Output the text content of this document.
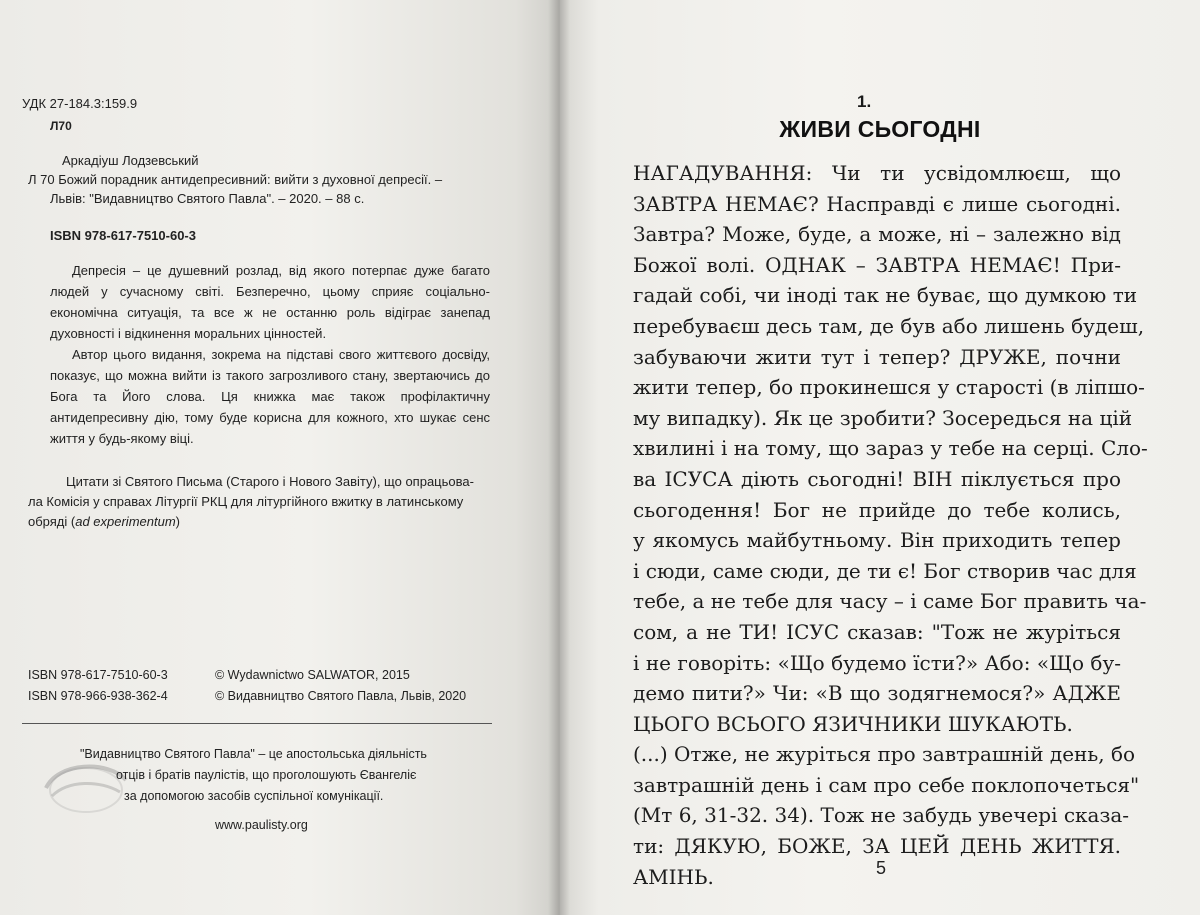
УДК 27-184.3:159.9
Л70
Аркадіуш Лодзевський
Л 70 Божий порадник антидепресивний: вийти з духовної депресії. –
Львів: "Видавництво Святого Павла". – 2020. – 88 с.
ISBN 978-617-7510-60-3

Депресія – це душевний розлад, від якого потерпає дуже багато людей у сучасному світі. Безперечно, цьому сприяє соціально-економічна ситуація, та все ж не останню роль відіграє занепад духовності і відкинення моральних цінностей.

Автор цього видання, зокрема на підставі свого життєвого досвіду, показує, що можна вийти із такого загрозливого стану, звертаючись до Бога та Його слова. Ця книжка має також профілактичну антидепресивну дію, тому буде корисна для кожного, хто шукає сенс життя у будь-якому віці.

Цитати зі Святого Письма (Старого і Нового Завіту), що опрацьова-
ла Комісія у справах Літургії РКЦ для літургійного вжитку в латинському
обряді (ad experimentum)
ISBN 978-617-7510-60-3
ISBN 978-966-938-362-4
© Wydawnictwo SALWATOR, 2015
© Видавництво Святого Павла, Львів, 2020
"Видавництво Святого Павла" – це апостольська діяльність
отців і братів паулістів, що проголошують Євангеліє
за допомогою засобів суспільної комунікації.
www.paulisty.org
1.
ЖИВИ СЬОГОДНІ
НАГАДУВАННЯ: Чи ти усвідомлюєш, що
ЗАВТРА НЕМАЄ? Насправді є лише сьогодні.
Завтра? Може, буде, а може, ні – залежно від
Божої волі. ОДНАК – ЗАВТРА НЕМАЄ! При-
гадай собі, чи іноді так не буває, що думкою ти
перебуваєш десь там, де був або лишень будеш,
забуваючи жити тут і тепер? ДРУЖЕ, почни
жити тепер, бо прокинешся у старості (в ліпшо-
му випадку). Як це зробити? Зосередься на цій
хвилині і на тому, що зараз у тебе на серці. Сло-
ва ІСУСА діють сьогодні! ВІН піклується про
сьогодення! Бог не прийде до тебе колись,
у якомусь майбутньому. Він приходить тепер
і сюди, саме сюди, де ти є! Бог створив час для
тебе, а не тебе для часу – і саме Бог править ча-
сом, а не ТИ! ІСУС сказав: "Тож не журіться
і не говоріть: «Що будемо їсти?» Або: «Що бу-
демо пити?» Чи: «В що зодягнемося?» АДЖЕ
ЦЬОГО ВСЬОГО ЯЗИЧНИКИ ШУКАЮТЬ.
(...) Отже, не журіться про завтрашній день, бо
завтрашній день і сам про себе поклопочеться"
(Мт 6, 31-32. 34). Тож не забудь увечері сказа-
ти: ДЯКУЮ, БОЖЕ, ЗА ЦЕЙ ДЕНЬ ЖИТТЯ.
АМІНЬ.	5
